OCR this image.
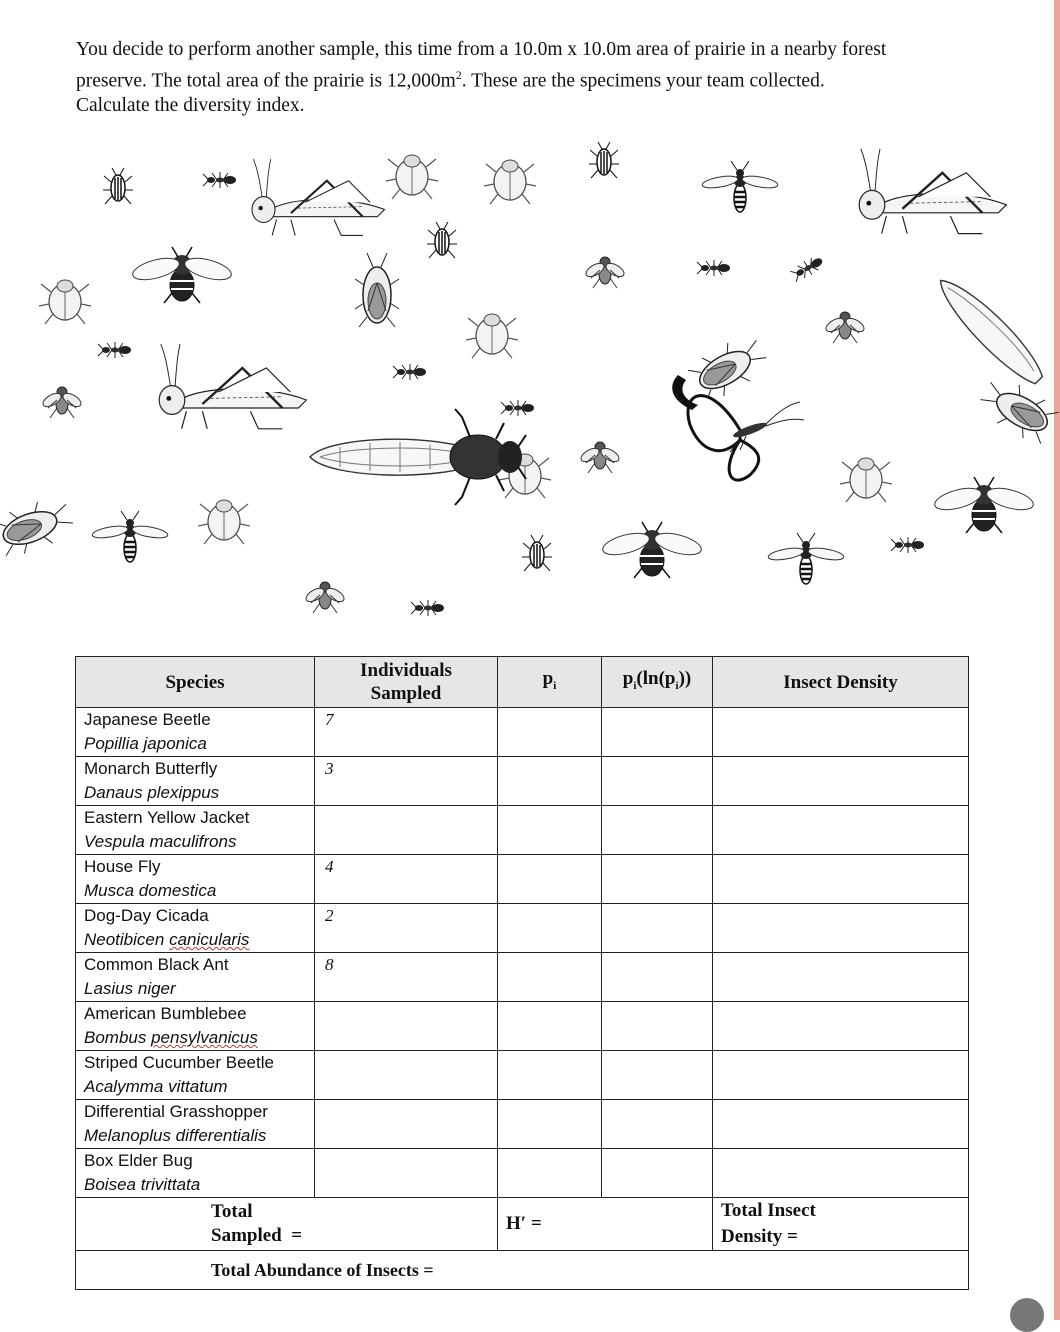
You decide to perform another sample, this time from a 10.0m x 10.0m area of prairie in a nearby forest

preserve. The total area of the prairie is $12,000m^2$. These are the specimens your team collected.

Calculate the diversity index.

Species	Individuals
Sampled	$p_i$	$p_i(\ln(p_i))$	Insect Density
Japanese Beetle
Popillia japonica	7			
Monarch Butterfly
Danaus plexippus	3			
Eastern Yellow Jacket
Vespula maculifrons				

House Fly
Musca domestica	4			
Dog-Day Cicada
Neotibicen canicularis	2			
Common Black Ant
Lasius niger	8			
American Bumblebee
Bombus pensylvanicus				

Striped Cucumber Beetle
Acalymma vittatum				

Differential Grasshopper
Melanoplus differentialis				

Box Elder Bug
Boisea trivittata				

Total
Sampled =		H′ =		Total Insect
Density =
Total Abundance of Insects =				
